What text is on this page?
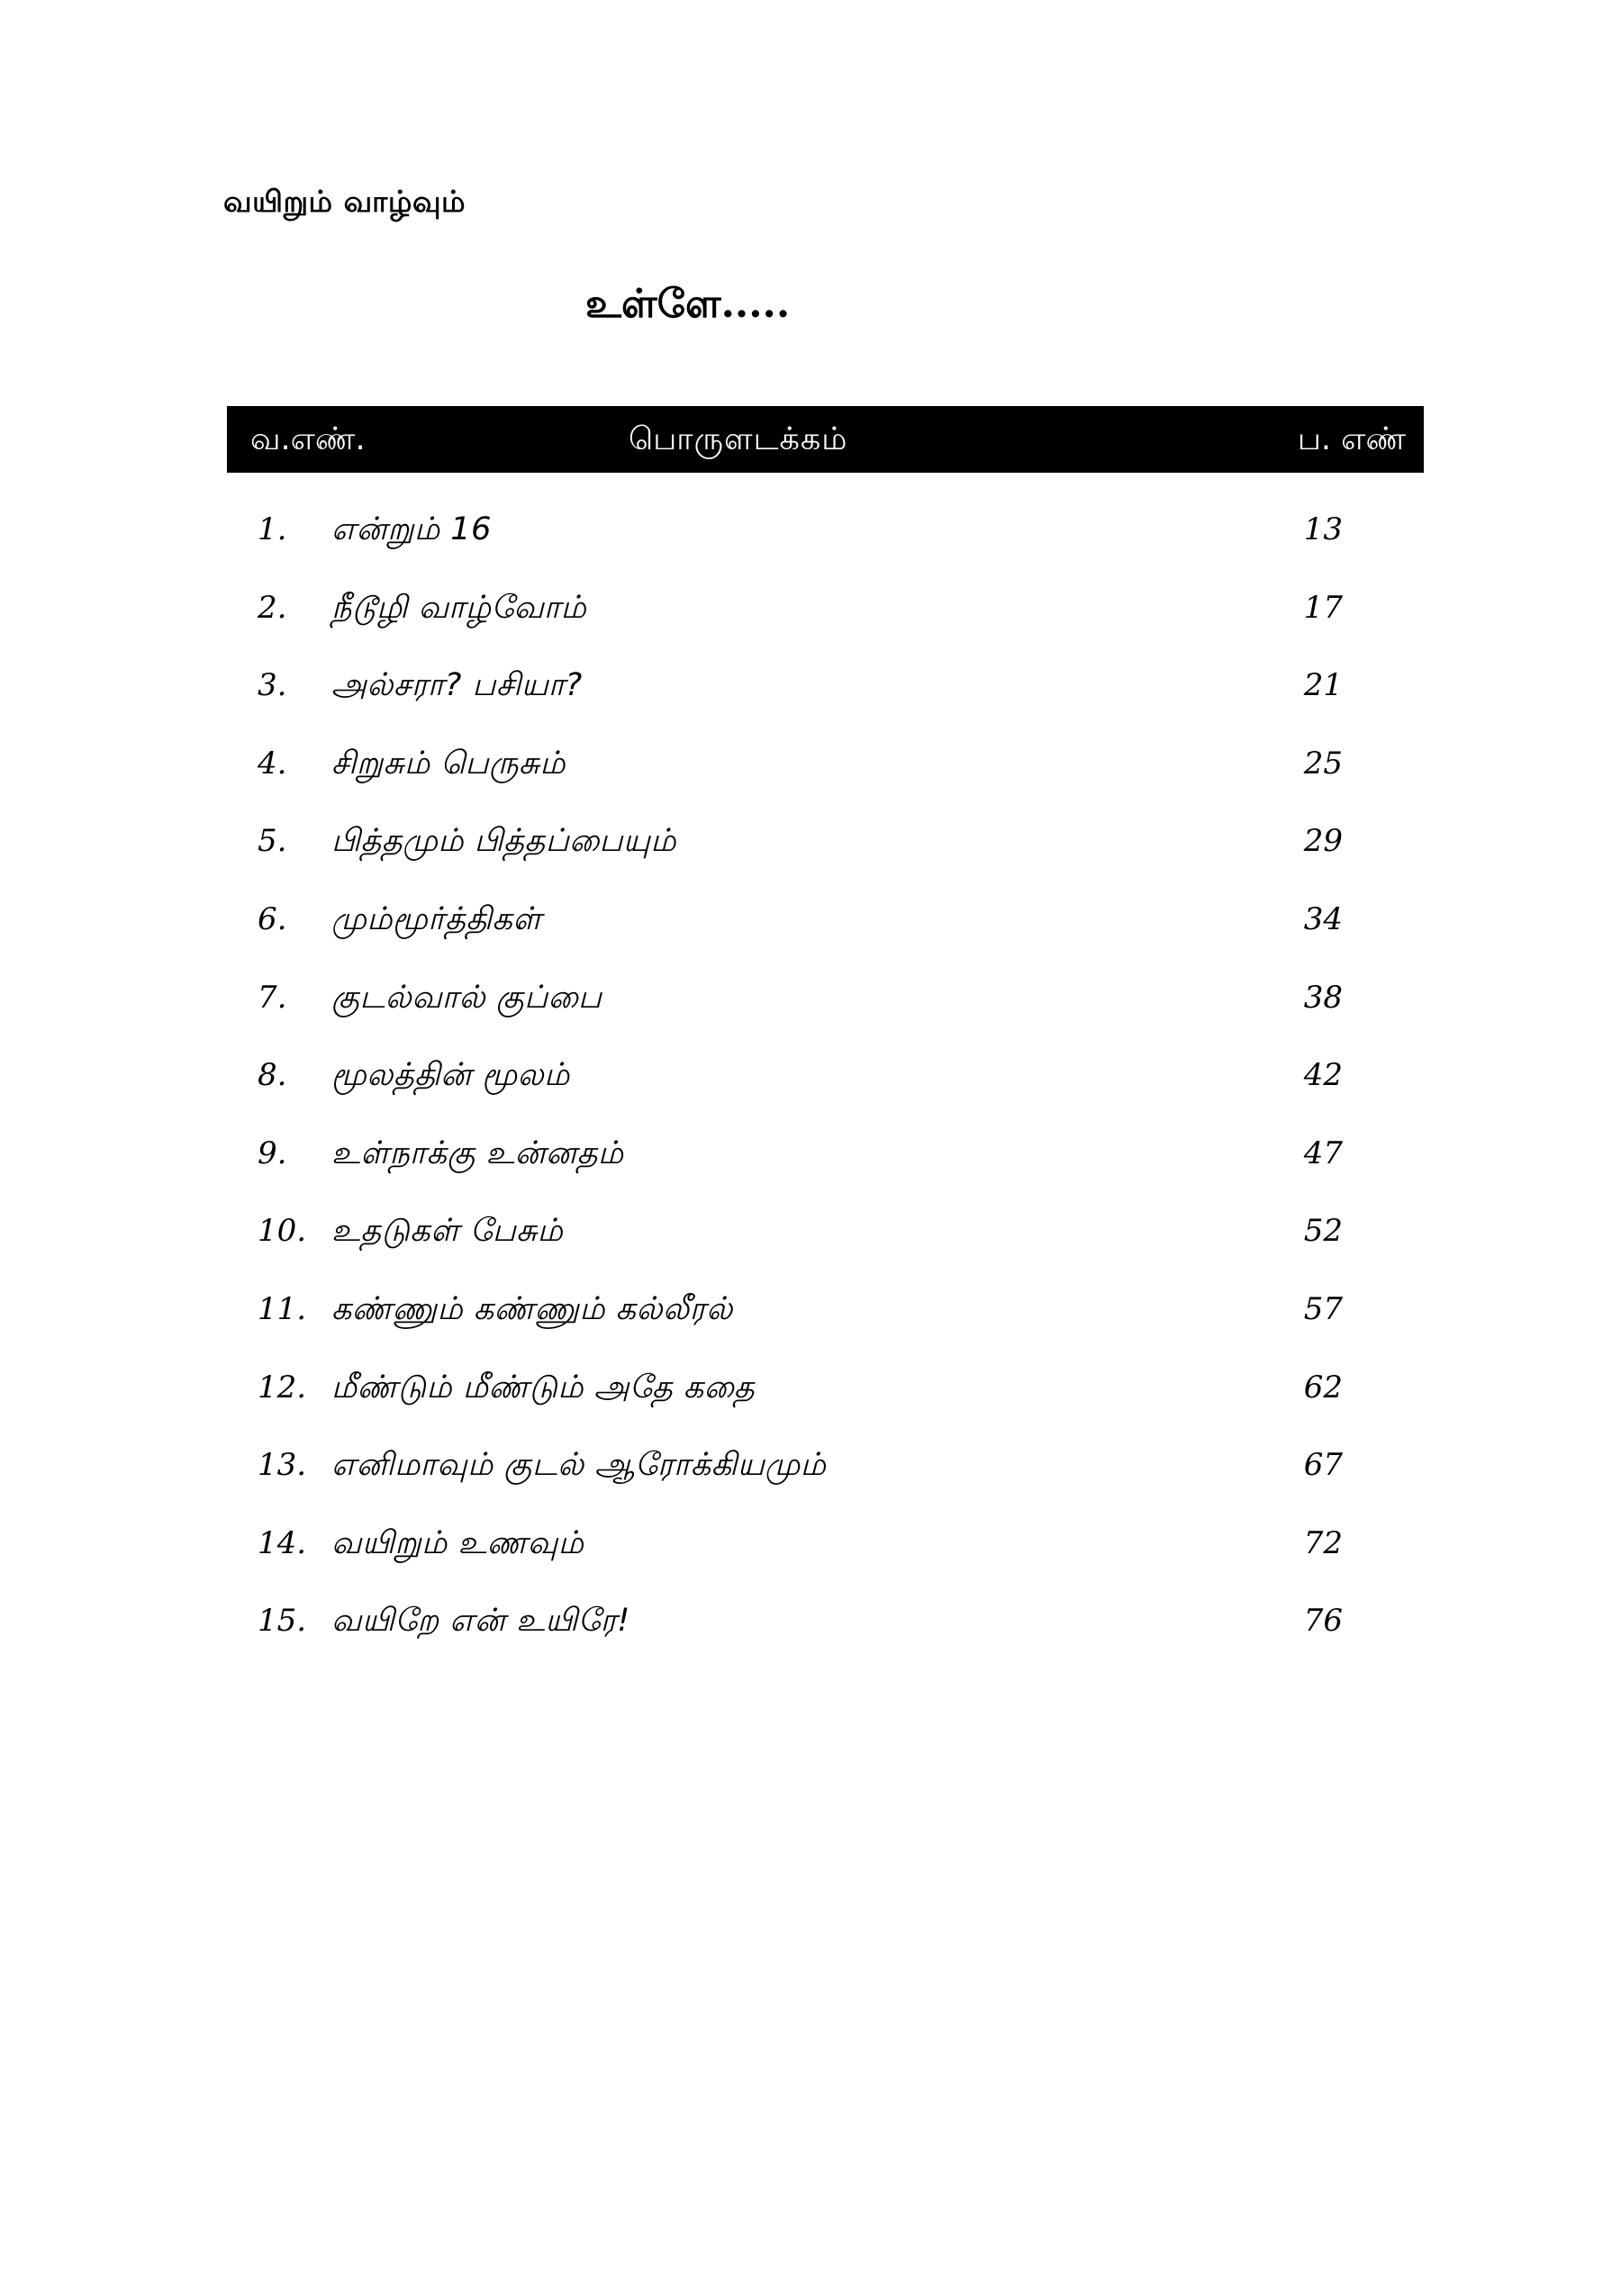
வயிறும் வாழ்வும்
உள்ளே.....
வ.எண்.	பொருளடக்கம்	ப. எண்
1. என்றும் 16	13
2. நீடூழி வாழ்வோம்	17
3. அல்சரா? பசியா?	21
4. சிறுசும் பெருசும்	25
5. பித்தமும் பித்தப்பையும்	29
6. மும்மூர்த்திகள்	34
7. குடல்வால் குப்பை	38
8. மூலத்தின் மூலம்	42
9. உள்நாக்கு உன்னதம்	47
10. உதடுகள் பேசும்	52
11. கண்ணும் கண்ணும் கல்லீரல்	57
12. மீண்டும் மீண்டும் அதே கதை	62
13. எனிமாவும் குடல் ஆரோக்கியமும்	67
14. வயிறும் உணவும்	72
15. வயிறே என் உயிரே!	76
